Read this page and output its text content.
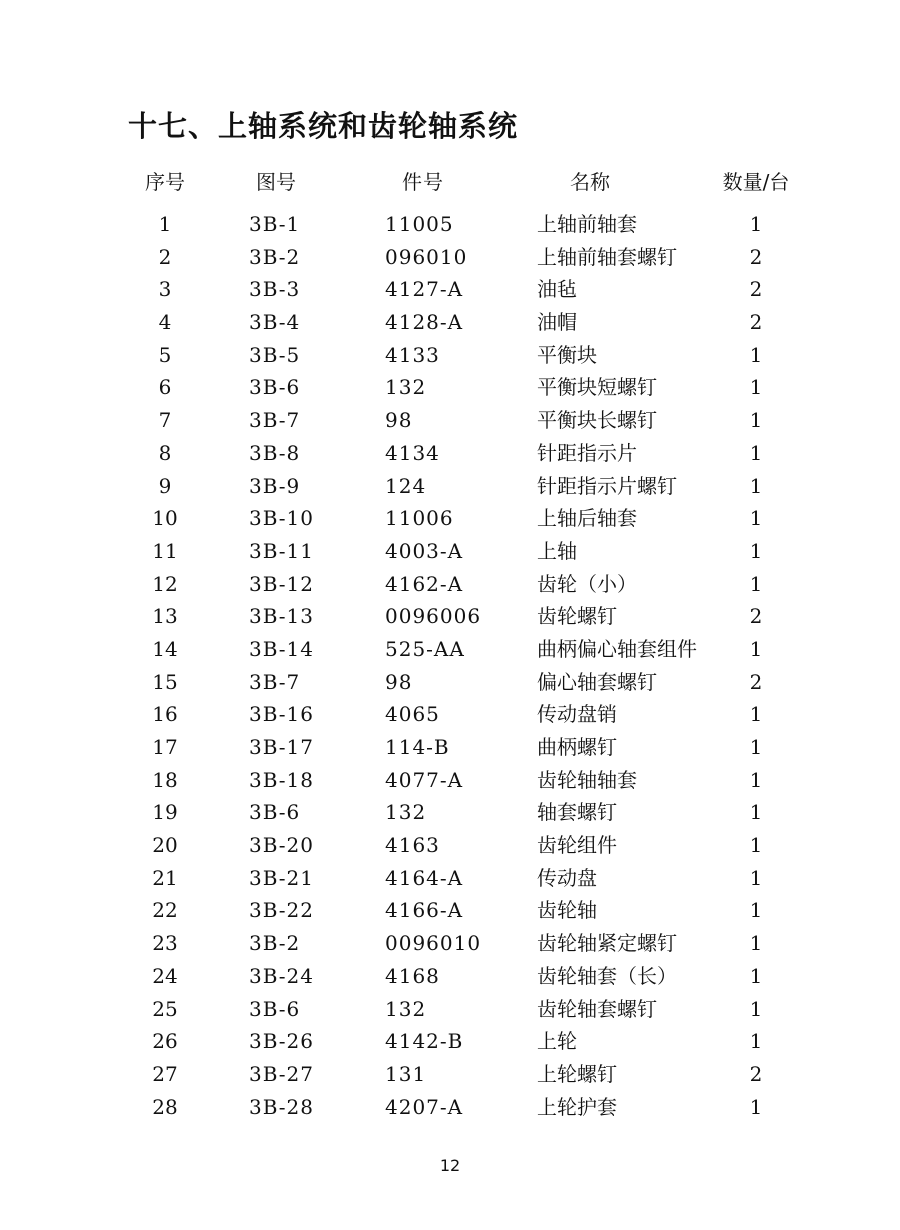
十七、上轴系统和齿轮轴系统
序号	图号	件号	名称	数量/台
1	3B-1	11005	上轴前轴套	1
2	3B-2	096010	上轴前轴套螺钉	2
3	3B-3	4127-A	油毡	2
4	3B-4	4128-A	油帽	2
5	3B-5	4133	平衡块	1
6	3B-6	132	平衡块短螺钉	1
7	3B-7	98	平衡块长螺钉	1
8	3B-8	4134	针距指示片	1
9	3B-9	124	针距指示片螺钉	1
10	3B-10	11006	上轴后轴套	1
11	3B-11	4003-A	上轴	1
12	3B-12	4162-A	齿轮（小）	1
13	3B-13	0096006	齿轮螺钉	2
14	3B-14	525-AA	曲柄偏心轴套组件	1
15	3B-7	98	偏心轴套螺钉	2
16	3B-16	4065	传动盘销	1
17	3B-17	114-B	曲柄螺钉	1
18	3B-18	4077-A	齿轮轴轴套	1
19	3B-6	132	轴套螺钉	1
20	3B-20	4163	齿轮组件	1
21	3B-21	4164-A	传动盘	1
22	3B-22	4166-A	齿轮轴	1
23	3B-2	0096010	齿轮轴紧定螺钉	1
24	3B-24	4168	齿轮轴套（长）	1
25	3B-6	132	齿轮轴套螺钉	1
26	3B-26	4142-B	上轮	1
27	3B-27	131	上轮螺钉	2
28	3B-28	4207-A	上轮护套	1
12
